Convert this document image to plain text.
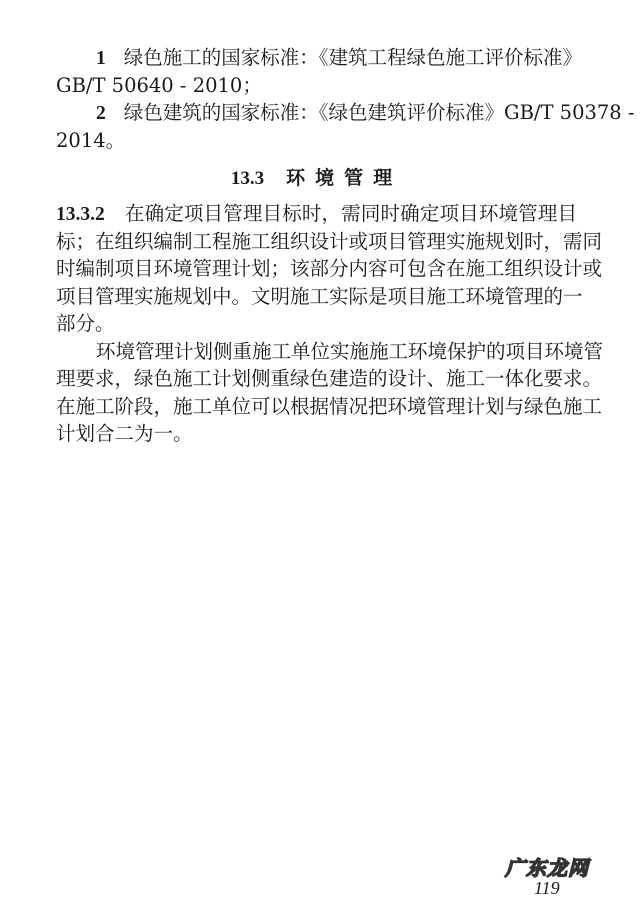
1 绿色施工的国家标准：《建筑工程绿色施工评价标准》
GB/T 50640 - 2010；
2 绿色建筑的国家标准：《绿色建筑评价标准》GB/T 50378 -
2014。
13.3 环境管理
13.3.2 在确定项目管理目标时，需同时确定项目环境管理目
标；在组织编制工程施工组织设计或项目管理实施规划时，需同
时编制项目环境管理计划；该部分内容可包含在施工组织设计或
项目管理实施规划中。文明施工实际是项目施工环境管理的一
部分。
环境管理计划侧重施工单位实施施工环境保护的项目环境管
理要求，绿色施工计划侧重绿色建造的设计、施工一体化要求。
在施工阶段，施工单位可以根据情况把环境管理计划与绿色施工
计划合二为一。
广东龙网
119
